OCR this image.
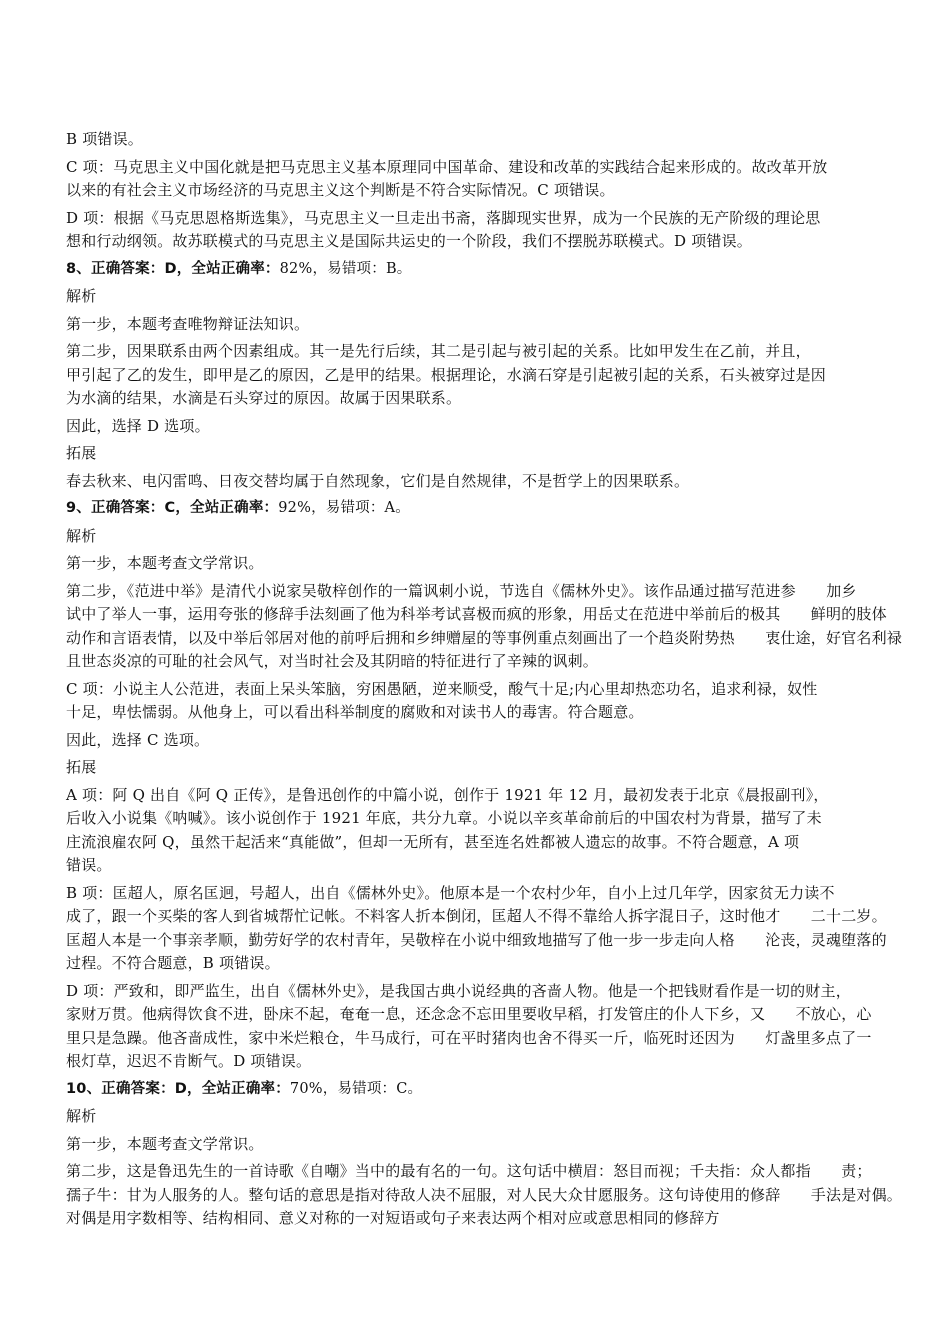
B 项错误。
C 项：马克思主义中国化就是把马克思主义基本原理同中国革命、建设和改革的实践结合起来形成的。故改革开放
以来的有社会主义市场经济的马克思主义这个判断是不符合实际情况。C 项错误。
D 项：根据《马克思恩格斯选集》，马克思主义一旦走出书斋，落脚现实世界，成为一个民族的无产阶级的理论思
想和行动纲领。故苏联模式的马克思主义是国际共运史的一个阶段，我们不摆脱苏联模式。D 项错误。
8、正确答案：D，全站正确率：82%，易错项：B。
解析
第一步，本题考查唯物辩证法知识。
第二步，因果联系由两个因素组成。其一是先行后续，其二是引起与被引起的关系。比如甲发生在乙前，并且，
甲引起了乙的发生，即甲是乙的原因，乙是甲的结果。根据理论，水滴石穿是引起被引起的关系，石头被穿过是因
为水滴的结果，水滴是石头穿过的原因。故属于因果联系。
因此，选择 D 选项。
拓展
春去秋来、电闪雷鸣、日夜交替均属于自然现象，它们是自然规律，不是哲学上的因果联系。
9、正确答案：C，全站正确率：92%，易错项：A。
解析
第一步，本题考查文学常识。
第二步，《范进中举》是清代小说家吴敬梓创作的一篇讽刺小说，节选自《儒林外史》。该作品通过描写范进参　　加乡
试中了举人一事，运用夸张的修辞手法刻画了他为科举考试喜极而疯的形象，用岳丈在范进中举前后的极其　　鲜明的肢体
动作和言语表情，以及中举后邻居对他的前呼后拥和乡绅赠屋的等事例重点刻画出了一个趋炎附势热　　衷仕途，好官名利禄
且世态炎凉的可耻的社会风气，对当时社会及其阴暗的特征进行了辛辣的讽刺。
C 项：小说主人公范进，表面上呆头笨脑，穷困愚陋，逆来顺受，酸气十足;内心里却热恋功名，追求利禄，奴性
十足，卑怯懦弱。从他身上，可以看出科举制度的腐败和对读书人的毒害。符合题意。
因此，选择 C 选项。
拓展
A 项：阿 Q 出自《阿 Q 正传》，是鲁迅创作的中篇小说，创作于 1921 年 12 月，最初发表于北京《晨报副刊》，
后收入小说集《呐喊》。该小说创作于 1921 年底，共分九章。小说以辛亥革命前后的中国农村为背景，描写了未
庄流浪雇农阿 Q，虽然干起活来“真能做”，但却一无所有，甚至连名姓都被人遗忘的故事。不符合题意，A 项
错误。
B 项：匡超人，原名匡迥，号超人，出自《儒林外史》。他原本是一个农村少年，自小上过几年学，因家贫无力读不
成了，跟一个买柴的客人到省城帮忙记帐。不料客人折本倒闭，匡超人不得不靠给人拆字混日子，这时他才　　二十二岁。
匡超人本是一个事亲孝顺，勤劳好学的农村青年，吴敬梓在小说中细致地描写了他一步一步走向人格　　沦丧，灵魂堕落的
过程。不符合题意，B 项错误。
D 项：严致和，即严监生，出自《儒林外史》，是我国古典小说经典的吝啬人物。他是一个把钱财看作是一切的财主，
家财万贯。他病得饮食不进，卧床不起，奄奄一息，还念念不忘田里要收早稻，打发管庄的仆人下乡，又　　不放心，心
里只是急躁。他吝啬成性，家中米烂粮仓，牛马成行，可在平时猪肉也舍不得买一斤，临死时还因为　　灯盏里多点了一
根灯草，迟迟不肯断气。D 项错误。
10、正确答案：D，全站正确率：70%，易错项：C。
解析
第一步，本题考查文学常识。
第二步，这是鲁迅先生的一首诗歌《自嘲》当中的最有名的一句。这句话中横眉：怒目而视；千夫指：众人都指　　责；
孺子牛：甘为人服务的人。整句话的意思是指对待敌人决不屈服，对人民大众甘愿服务。这句诗使用的修辞　　手法是对偶。
对偶是用字数相等、结构相同、意义对称的一对短语或句子来表达两个相对应或意思相同的修辞方
